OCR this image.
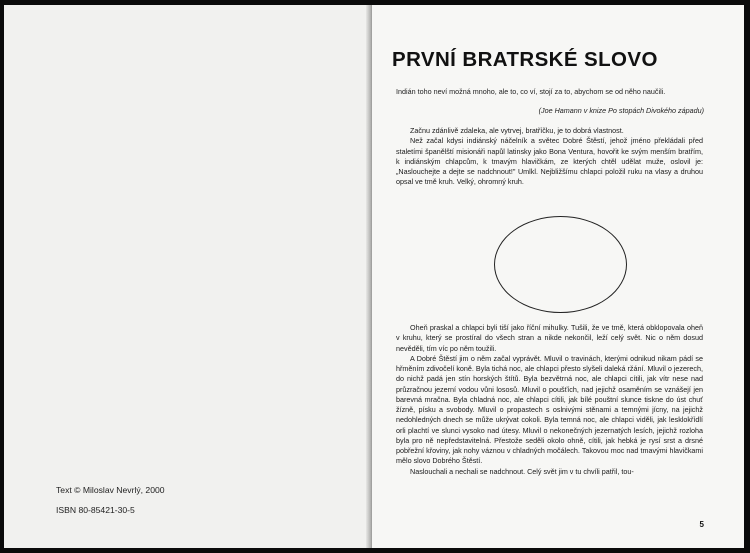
Text © Miloslav Nevrlý, 2000
ISBN 80-85421-30-5
PRVNÍ BRATRSKÉ SLOVO
Indián toho neví možná mnoho, ale to, co ví, stojí za to, abychom se od něho naučili.
(Joe Hamann v knize Po stopách Divokého západu)

Začnu zdánlivě zdaleka, ale vytrvej, bratříčku, je to dobrá vlastnost.

Než začal kdysi indiánský náčelník a světec Dobré Štěstí, jehož jméno překládali před staletími španělští misionáři napůl latinsky jako Bona Ventura, hovořit ke svým menším bratřím, k indiánským chlapcům, k tmavým hlavičkám, ze kterých chtěl udělat muže, oslovil je: „Naslouchejte a dejte se nadchnout!" Umlkl. Nejbližšímu chlapci položil ruku na vlasy a druhou opsal ve tmě kruh. Velký, ohromný kruh.

Oheň praskal a chlapci byli tiší jako říční mihulky. Tušili, že ve tmě, která obklopovala oheň v kruhu, který se prostíral do všech stran a nikde nekončil, leží celý svět. Nic o něm dosud nevěděli, tím víc po něm toužili.

A Dobré Štěstí jim o něm začal vyprávět. Mluvil o travinách, kterými odnikud nikam pádí se hřměním zdivočelí koně. Byla tichá noc, ale chlapci přesto slyšeli daleká ržání. Mluvil o jezerech, do nichž padá jen stín horských štítů. Byla bezvětrná noc, ale chlapci cítili, jak vítr nese nad průzračnou jezerní vodou vůni lososů. Mluvil o poušťích, nad jejichž osaměním se vznášejí jen barevná mračna. Byla chladná noc, ale chlapci cítili, jak bílé pouštní slunce tiskne do úst chuť žízně, písku a svobody. Mluvil o propastech s oslnivými stěnami a temnými jícny, na jejichž nedohledných dnech se může ukrývat cokoli. Byla temná noc, ale chlapci viděli, jak lesklokřídlí orli plachtí ve slunci vysoko nad útesy. Mluvil o nekonečných jezernatých lesích, jejichž rozloha byla pro ně nepředstavitelná. Přestože seděli okolo ohně, cítili, jak hebká je rysí srst a drsné pobřežní křoviny, jak nohy váznou v chladných močálech. Takovou moc nad tmavými hlavičkami mělo slovo Dobrého Štěstí.

Naslouchali a nechali se nadchnout. Celý svět jim v tu chvíli patřil, tou-

5
